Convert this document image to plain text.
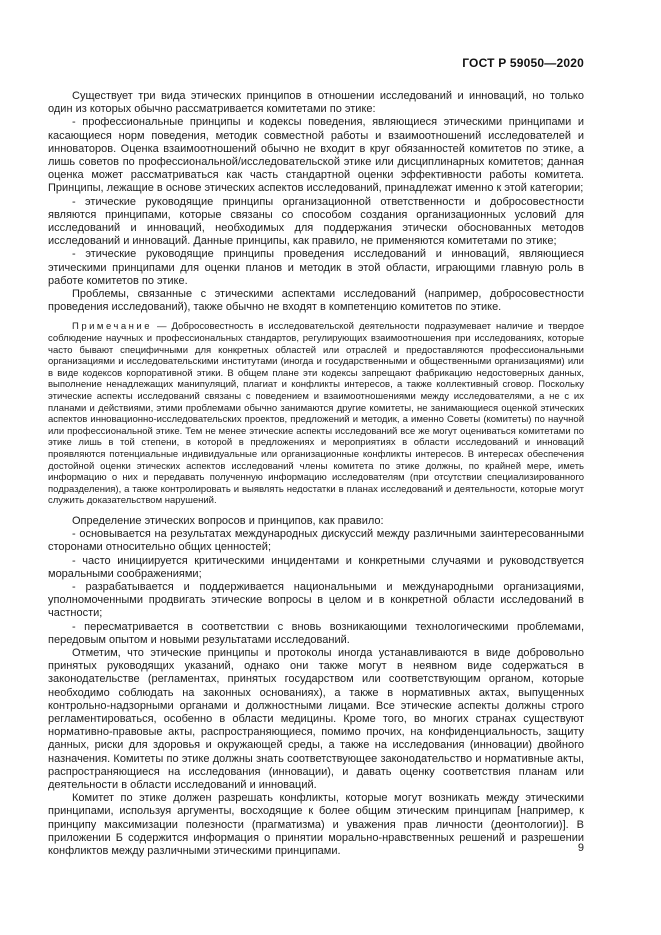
ГОСТ Р 59050—2020

Существует три вида этических принципов в отношении исследований и инноваций, но только один из которых обычно рассматривается комитетами по этике:

- профессиональные принципы и кодексы поведения, являющиеся этическими принципами и касающиеся норм поведения, методик совместной работы и взаимоотношений исследователей и инноваторов. Оценка взаимоотношений обычно не входит в круг обязанностей комитетов по этике, а лишь советов по профессиональной/исследовательской этике или дисциплинарных комитетов; данная оценка может рассматриваться как часть стандартной оценки эффективности работы комитета. Принципы, лежащие в основе этических аспектов исследований, принадлежат именно к этой категории;

- этические руководящие принципы организационной ответственности и добросовестности являются принципами, которые связаны со способом создания организационных условий для исследований и инноваций, необходимых для поддержания этически обоснованных методов исследований и инноваций. Данные принципы, как правило, не применяются комитетами по этике;

- этические руководящие принципы проведения исследований и инноваций, являющиеся этическими принципами для оценки планов и методик в этой области, играющими главную роль в работе комитетов по этике.

Проблемы, связанные с этическими аспектами исследований (например, добросовестности проведения исследований), также обычно не входят в компетенцию комитетов по этике.

Примечание — Добросовестность в исследовательской деятельности подразумевает наличие и твердое соблюдение научных и профессиональных стандартов, регулирующих взаимоотношения при исследованиях, которые часто бывают специфичными для конкретных областей или отраслей и предоставляются профессиональными организациями и исследовательскими институтами (иногда и государственными и общественными организациями) или в виде кодексов корпоративной этики. В общем плане эти кодексы запрещают фабрикацию недостоверных данных, выполнение ненадлежащих манипуляций, плагиат и конфликты интересов, а также коллективный сговор. Поскольку этические аспекты исследований связаны с поведением и взаимоотношениями между исследователями, а не с их планами и действиями, этими проблемами обычно занимаются другие комитеты, не занимающиеся оценкой этических аспектов инновационно-исследовательских проектов, предложений и методик, а именно Советы (комитеты) по научной или профессиональной этике. Тем не менее этические аспекты исследований все же могут оцениваться комитетами по этике лишь в той степени, в которой в предложениях и мероприятиях в области исследований и инноваций проявляются потенциальные индивидуальные или организационные конфликты интересов. В интересах обеспечения достойной оценки этических аспектов исследований члены комитета по этике должны, по крайней мере, иметь информацию о них и передавать полученную информацию исследователям (при отсутствии специализированного подразделения), а также контролировать и выявлять недостатки в планах исследований и деятельности, которые могут служить доказательством нарушений.

Определение этических вопросов и принципов, как правило:

- основывается на результатах международных дискуссий между различными заинтересованными сторонами относительно общих ценностей;

- часто инициируется критическими инцидентами и конкретными случаями и руководствуется моральными соображениями;

- разрабатывается и поддерживается национальными и международными организациями, уполномоченными продвигать этические вопросы в целом и в конкретной области исследований в частности;

- пересматривается в соответствии с вновь возникающими технологическими проблемами, передовым опытом и новыми результатами исследований.

Отметим, что этические принципы и протоколы иногда устанавливаются в виде добровольно принятых руководящих указаний, однако они также могут в неявном виде содержаться в законодательстве (регламентах, принятых государством или соответствующим органом, которые необходимо соблюдать на законных основаниях), а также в нормативных актах, выпущенных контрольно-надзорными органами и должностными лицами. Все этические аспекты должны строго регламентироваться, особенно в области медицины. Кроме того, во многих странах существуют нормативно-правовые акты, распространяющиеся, помимо прочих, на конфиденциальность, защиту данных, риски для здоровья и окружающей среды, а также на исследования (инновации) двойного назначения. Комитеты по этике должны знать соответствующее законодательство и нормативные акты, распространяющиеся на исследования (инновации), и давать оценку соответствия планам или деятельности в области исследований и инноваций.

Комитет по этике должен разрешать конфликты, которые могут возникать между этическими принципами, используя аргументы, восходящие к более общим этическим принципам [например, к принципу максимизации полезности (прагматизма) и уважения прав личности (деонтологии)]. В приложении Б содержится информация о принятии морально-нравственных решений и разрешении конфликтов между различными этическими принципами.	9
